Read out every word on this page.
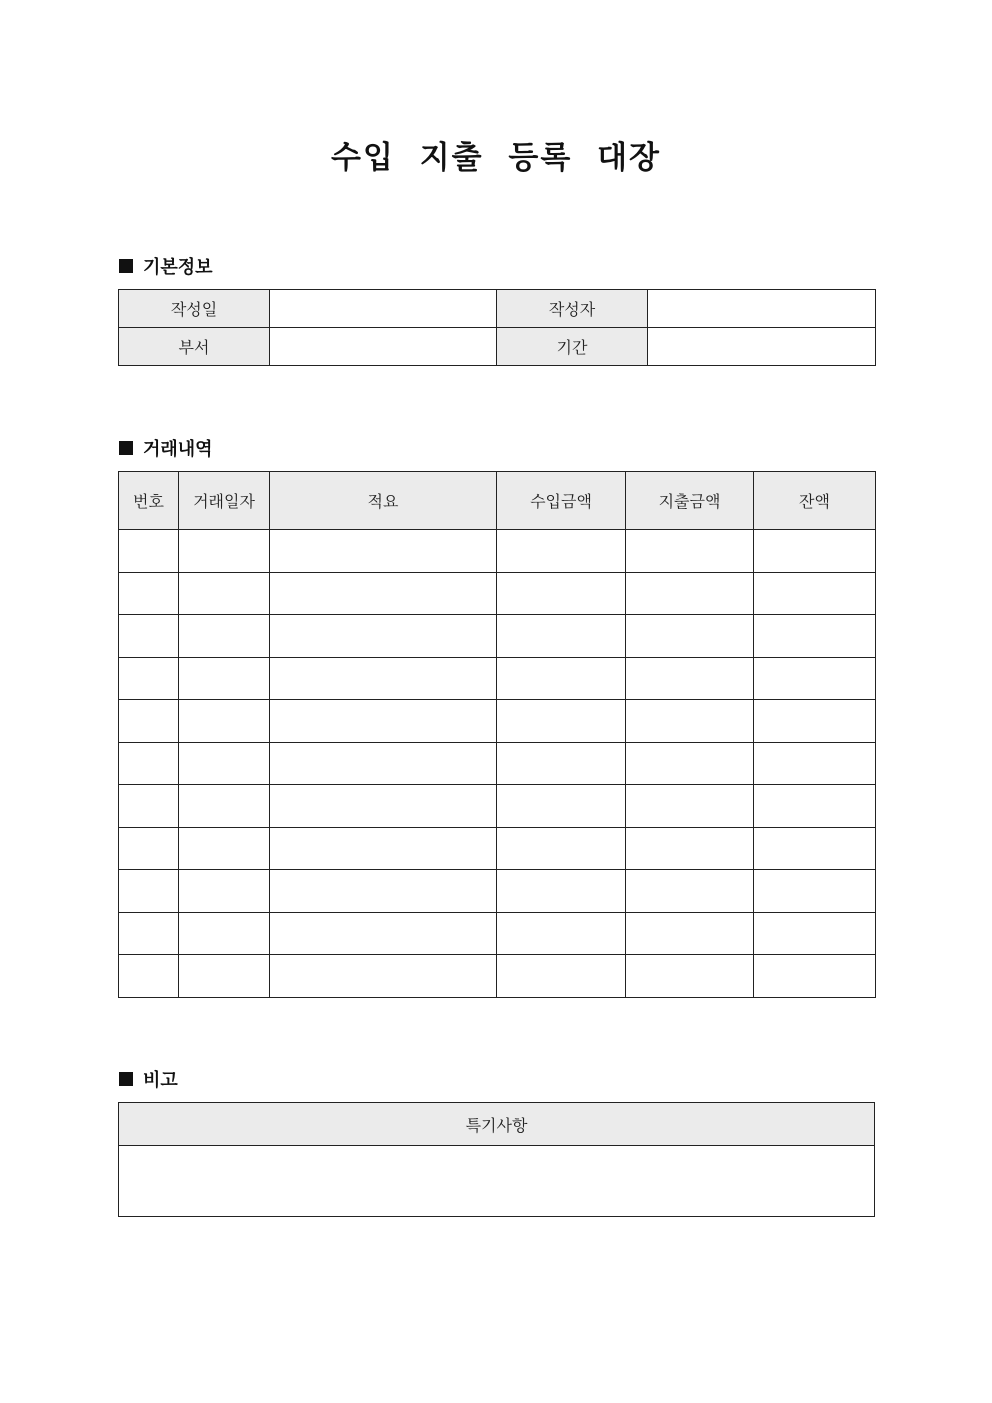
수입 지출 등록 대장
기본정보
작성일		작성자	
부서		기간	
거래내역
번호	거래일자	적요	수입금액	지출금액	잔액

비고
특기사항
